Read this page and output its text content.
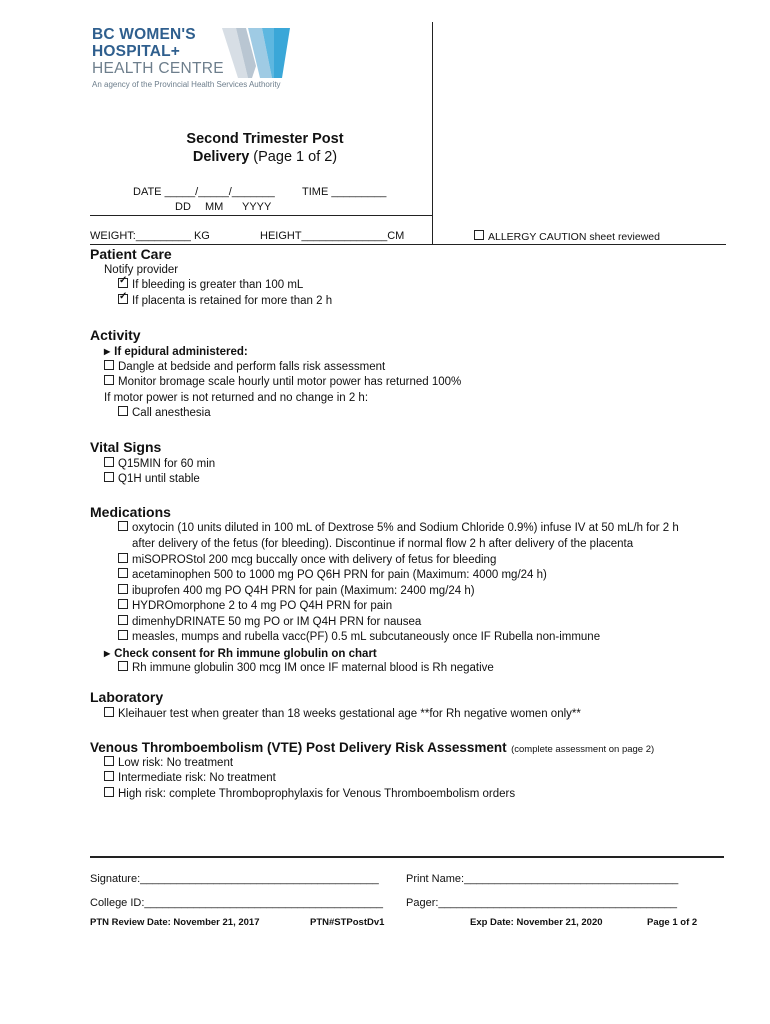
BC WOMEN'S
HOSPITAL+
HEALTH CENTRE
An agency of the Provincial Health Services Authority
Second Trimester Post
Delivery (Page 1 of 2)
DATE _____/_____/_______ TIME _________
DD MM YYYY
WEIGHT:_________ KG	HEIGHT______________CM	ALLERGY CAUTION sheet reviewed
Patient Care
Notify provider
✓If bleeding is greater than 100 mL
✓If placenta is retained for more than 2 h
Activity
▶ If epidural administered:
Dangle at bedside and perform falls risk assessment
Monitor bromage scale hourly until motor power has returned 100%
If motor power is not returned and no change in 2 h:
Call anesthesia
Vital Signs
Q15MIN for 60 min
Q1H until stable
Medications
oxytocin (10 units diluted in 100 mL of Dextrose 5% and Sodium Chloride 0.9%) infuse IV at 50 mL/h for 2 h
after delivery of the fetus (for bleeding). Discontinue if normal flow 2 h after delivery of the placenta
miSOPROStol 200 mcg buccally once with delivery of fetus for bleeding
acetaminophen 500 to 1000 mg PO Q6H PRN for pain (Maximum: 4000 mg/24 h)
ibuprofen 400 mg PO Q4H PRN for pain (Maximum: 2400 mg/24 h)
HYDROmorphone 2 to 4 mg PO Q4H PRN for pain
dimenhyDRINATE 50 mg PO or IM Q4H PRN for nausea
measles, mumps and rubella vacc(PF) 0.5 mL subcutaneously once IF Rubella non-immune
▶ Check consent for Rh immune globulin on chart
Rh immune globulin 300 mcg IM once IF maternal blood is Rh negative
Laboratory
Kleihauer test when greater than 18 weeks gestational age **for Rh negative women only**
Venous Thromboembolism (VTE) Post Delivery Risk Assessment (complete assessment on page 2)
Low risk: No treatment
Intermediate risk: No treatment
High risk: complete Thromboprophylaxis for Venous Thromboembolism orders
Signature:_______________________________________ Print Name:___________________________________
College ID:_______________________________________ Pager:_______________________________________
PTN Review Date: November 21, 2017	PTN#STPostDv1	Exp Date: November 21, 2020	Page 1 of 2
